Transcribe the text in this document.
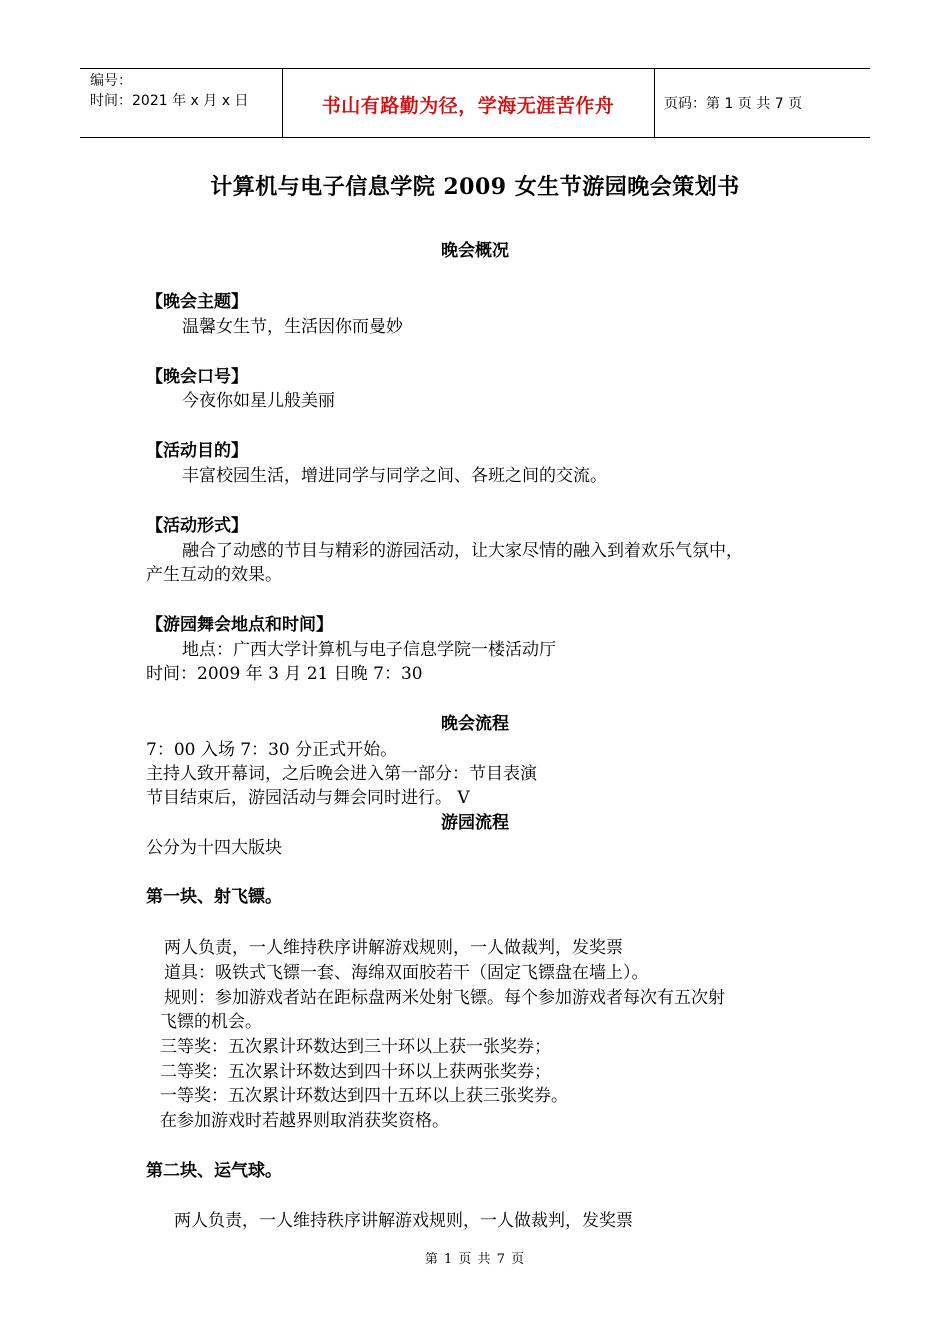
编号：
时间：2021 年 x 月 x 日	书山有路勤为径，学海无涯苦作舟	页码：第 1 页 共 7 页
计算机与电子信息学院 2009 女生节游园晚会策划书
晚会概况
【晚会主题】
温馨女生节，生活因你而曼妙
【晚会口号】
今夜你如星儿般美丽
【活动目的】
丰富校园生活，增进同学与同学之间、各班之间的交流。
【活动形式】
融合了动感的节目与精彩的游园活动，让大家尽情的融入到着欢乐气氛中，
产生互动的效果。
【游园舞会地点和时间】
地点：广西大学计算机与电子信息学院一楼活动厅
时间：2009 年 3 月 21 日晚 7：30
晚会流程
7：00 入场 7：30 分正式开始。
主持人致开幕词，之后晚会进入第一部分：节目表演
节目结束后，游园活动与舞会同时进行。 V
游园流程
公分为十四大版块
第一块、射飞镖。
两人负责，一人维持秩序讲解游戏规则，一人做裁判，发奖票
道具：吸铁式飞镖一套、海绵双面胶若干（固定飞镖盘在墙上）。
规则：参加游戏者站在距标盘两米处射飞镖。每个参加游戏者每次有五次射
飞镖的机会。
三等奖：五次累计环数达到三十环以上获一张奖券；
二等奖：五次累计环数达到四十环以上获两张奖券；
一等奖：五次累计环数达到四十五环以上获三张奖券。
在参加游戏时若越界则取消获奖资格。
第二块、运气球。
两人负责，一人维持秩序讲解游戏规则，一人做裁判，发奖票
第 1 页 共 7 页
